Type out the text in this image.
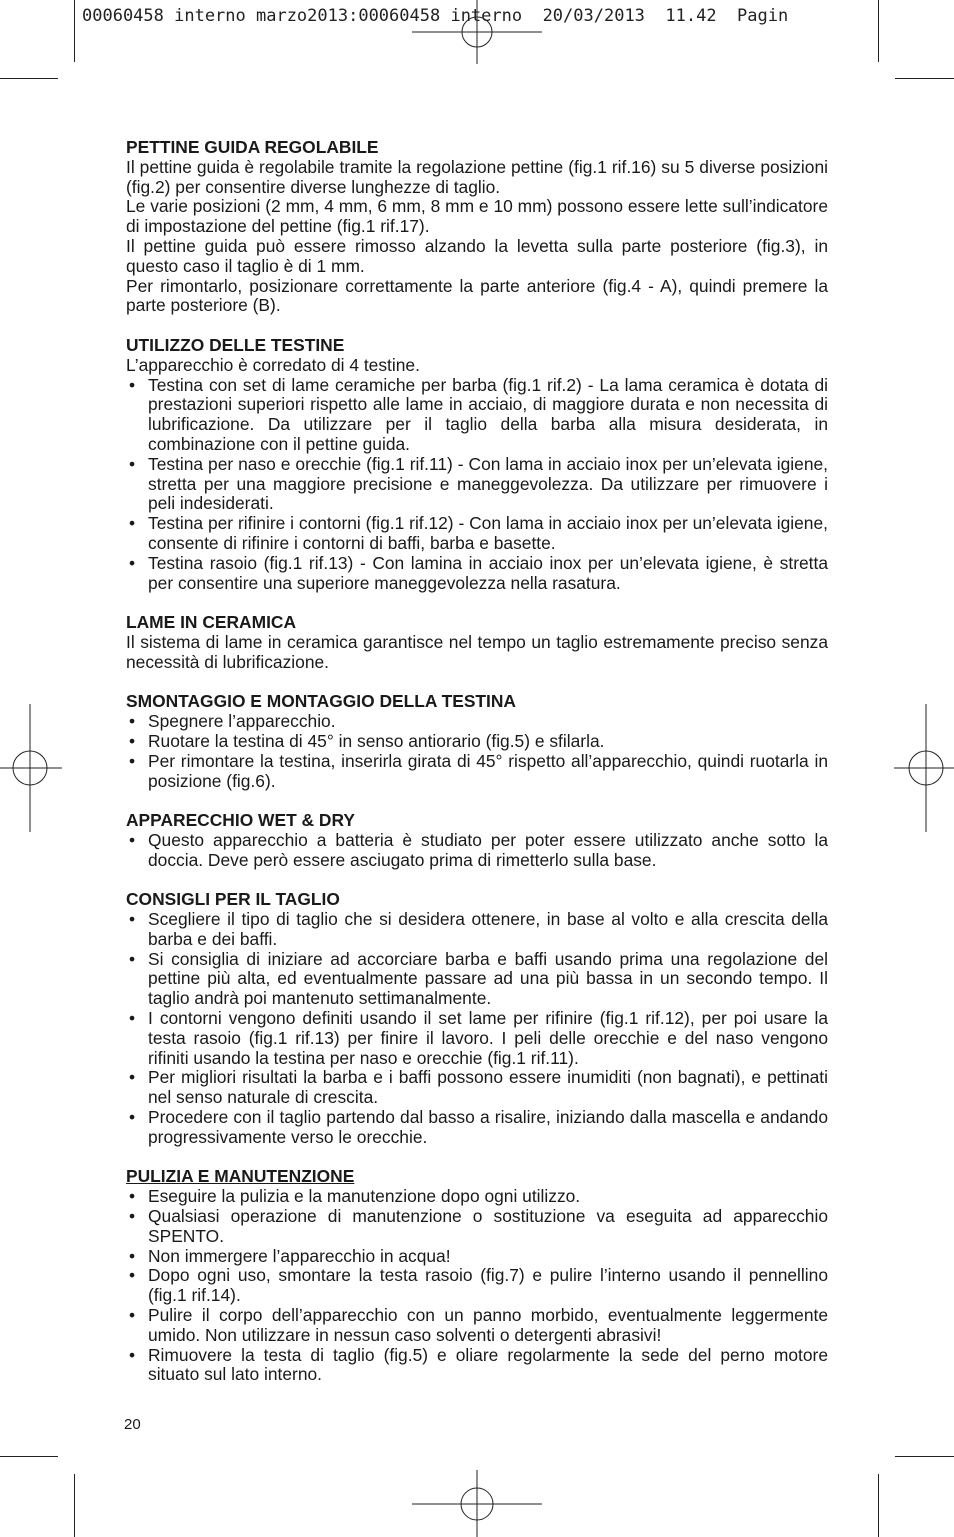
00060458 interno marzo2013:00060458 interno  20/03/2013  11.42  Pagin
PETTINE GUIDA REGOLABILE
Il pettine guida è regolabile tramite la regolazione pettine (fig.1 rif.16) su 5 diverse posizioni (fig.2) per consentire diverse lunghezze di taglio.
Le varie posizioni (2 mm, 4 mm, 6 mm, 8 mm e 10 mm) possono essere lette sull’indicatore di impostazione del pettine (fig.1 rif.17).
Il pettine guida può essere rimosso alzando la levetta sulla parte posteriore (fig.3), in questo caso il taglio è di 1 mm.
Per rimontarlo, posizionare correttamente la parte anteriore (fig.4 - A), quindi premere la parte posteriore (B).
UTILIZZO DELLE TESTINE
L’apparecchio è corredato di 4 testine.
• Testina con set di lame ceramiche per barba (fig.1 rif.2) - La lama ceramica è dotata di prestazioni superiori rispetto alle lame in acciaio, di maggiore durata e non necessita di lubrificazione. Da utilizzare per il taglio della barba alla misura desiderata, in combinazione con il pettine guida.
• Testina per naso e orecchie (fig.1 rif.11) - Con lama in acciaio inox per un’elevata igiene, stretta per una maggiore precisione e maneggevolezza. Da utilizzare per rimuovere i peli indesiderati.
• Testina per rifinire i contorni (fig.1 rif.12) - Con lama in acciaio inox per un’elevata igiene, consente di rifinire i contorni di baffi, barba e basette.
• Testina rasoio (fig.1 rif.13) - Con lamina in acciaio inox per un’elevata igiene, è stretta per consentire una superiore maneggevolezza nella rasatura.
LAME IN CERAMICA
Il sistema di lame in ceramica garantisce nel tempo un taglio estremamente preciso senza necessità di lubrificazione.
SMONTAGGIO E MONTAGGIO DELLA TESTINA
• Spegnere l’apparecchio.
• Ruotare la testina di 45° in senso antiorario (fig.5) e sfilarla.
• Per rimontare la testina, inserirla girata di 45° rispetto all’apparecchio, quindi ruotarla in posizione (fig.6).
APPARECCHIO WET & DRY
• Questo apparecchio a batteria è studiato per poter essere utilizzato anche sotto la doccia. Deve però essere asciugato prima di rimetterlo sulla base.
CONSIGLI PER IL TAGLIO
• Scegliere il tipo di taglio che si desidera ottenere, in base al volto e alla crescita della barba e dei baffi.
• Si consiglia di iniziare ad accorciare barba e baffi usando prima una regolazione del pettine più alta, ed eventualmente passare ad una più bassa in un secondo tempo. Il taglio andrà poi mantenuto settimanalmente.
• I contorni vengono definiti usando il set lame per rifinire (fig.1 rif.12), per poi usare la testa rasoio (fig.1 rif.13) per finire il lavoro. I peli delle orecchie e del naso vengono rifiniti usando la testina per naso e orecchie (fig.1 rif.11).
• Per migliori risultati la barba e i baffi possono essere inumiditi (non bagnati), e pettinati nel senso naturale di crescita.
• Procedere con il taglio partendo dal basso a risalire, iniziando dalla mascella e andando progressivamente verso le orecchie.
PULIZIA E MANUTENZIONE
• Eseguire la pulizia e la manutenzione dopo ogni utilizzo.
• Qualsiasi operazione di manutenzione o sostituzione va eseguita ad apparecchio SPENTO.
• Non immergere l’apparecchio in acqua!
• Dopo ogni uso, smontare la testa rasoio (fig.7) e pulire l’interno usando il pennellino (fig.1 rif.14).
• Pulire il corpo dell’apparecchio con un panno morbido, eventualmente leggermente umido. Non utilizzare in nessun caso solventi o detergenti abrasivi!
• Rimuovere la testa di taglio (fig.5) e oliare regolarmente la sede del perno motore situato sul lato interno.
20
